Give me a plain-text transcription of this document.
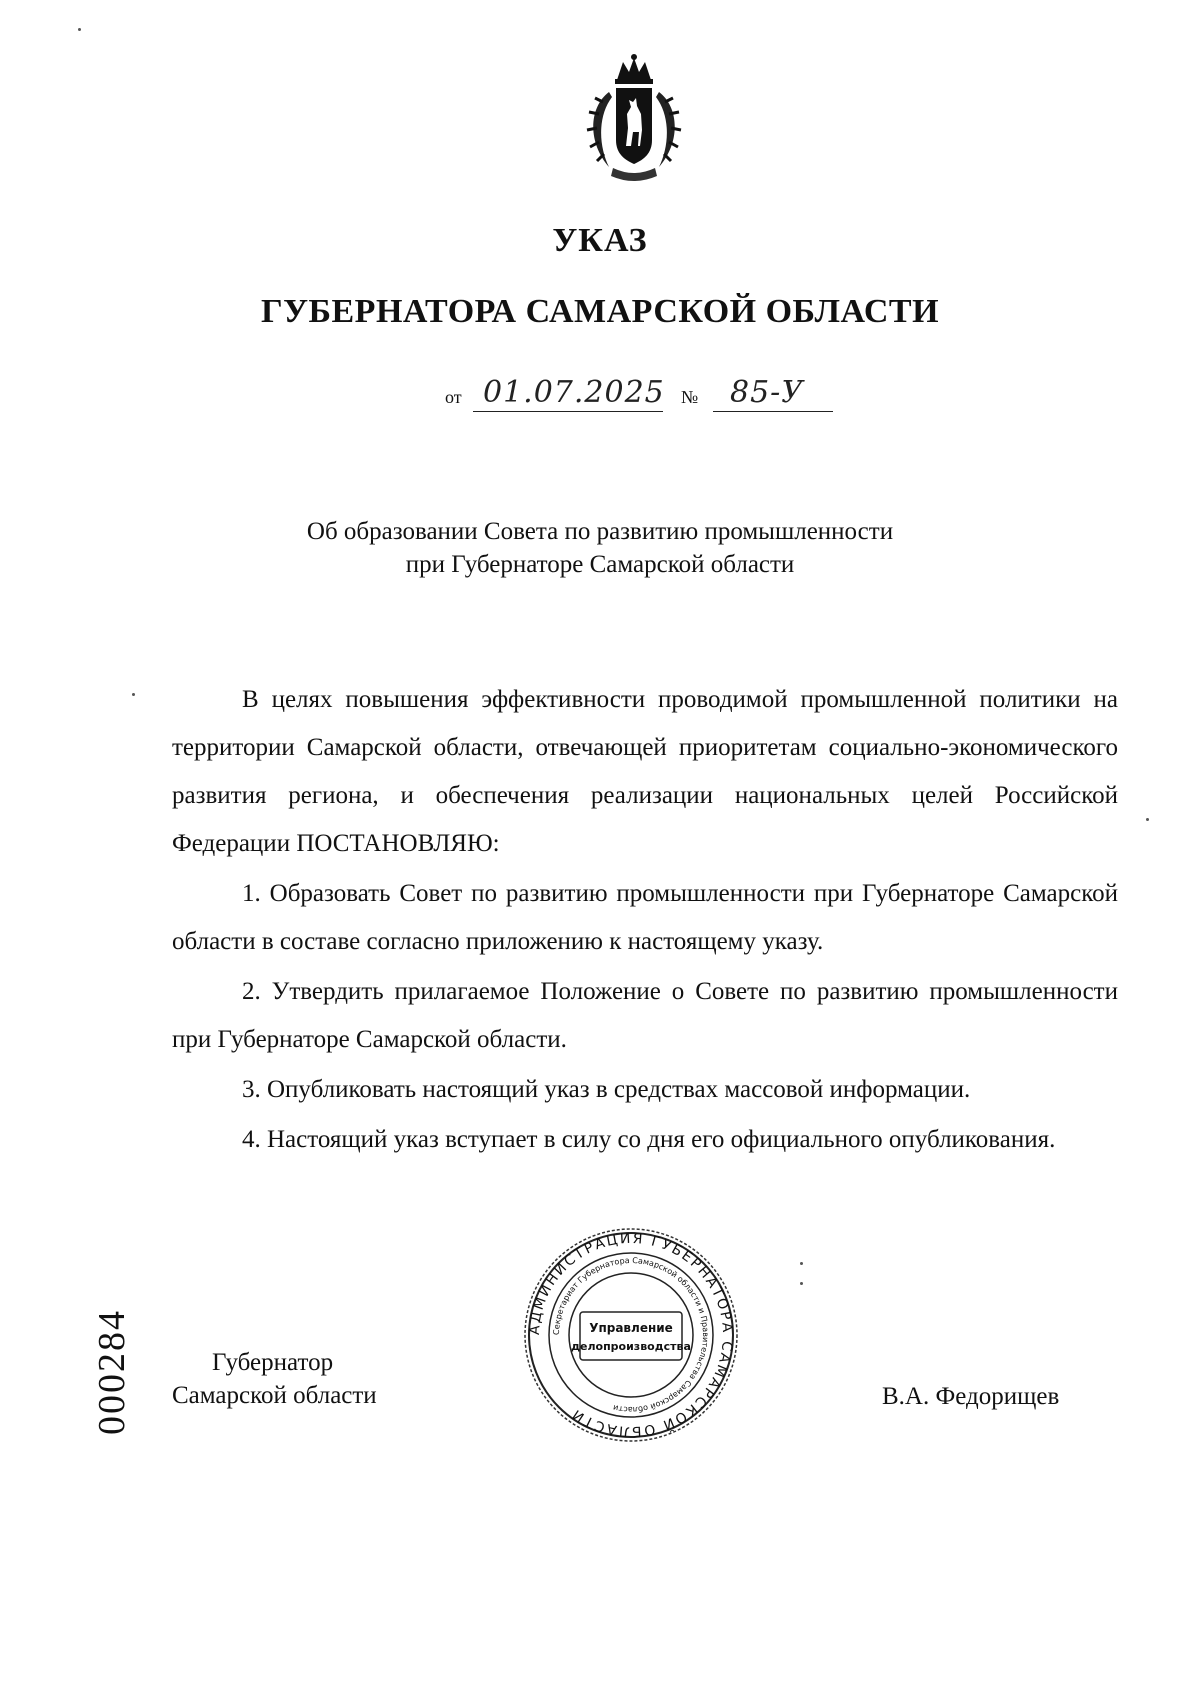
УКАЗ
ГУБЕРНАТОРА САМАРСКОЙ ОБЛАСТИ
от 01.07.2025 № 85-У
Об образовании Совета по развитию промышленности
при Губернаторе Самарской области

В целях повышения эффективности проводимой промышленной политики на территории Самарской области, отвечающей приоритетам социально-экономического развития региона, и обеспечения реализации национальных целей Российской Федерации ПОСТАНОВЛЯЮ:

1. Образовать Совет по развитию промышленности при Губернаторе Самарской области в составе согласно приложению к настоящему указу.

2. Утвердить прилагаемое Положение о Совете по развитию промышленности при Губернаторе Самарской области.

3. Опубликовать настоящий указ в средствах массовой информации.

4. Настоящий указ вступает в силу со дня его официального опубликования.

Губернатор
Самарской области
АДМИНИСТРАЦИЯ ГУБЕРНАТОРА САМАРСКОЙ ОБЛАСТИ
Секретариат Губернатора Самарской области и Правительства Самарской области
Управление
делопроизводства
В.А. Федорищев
000284
